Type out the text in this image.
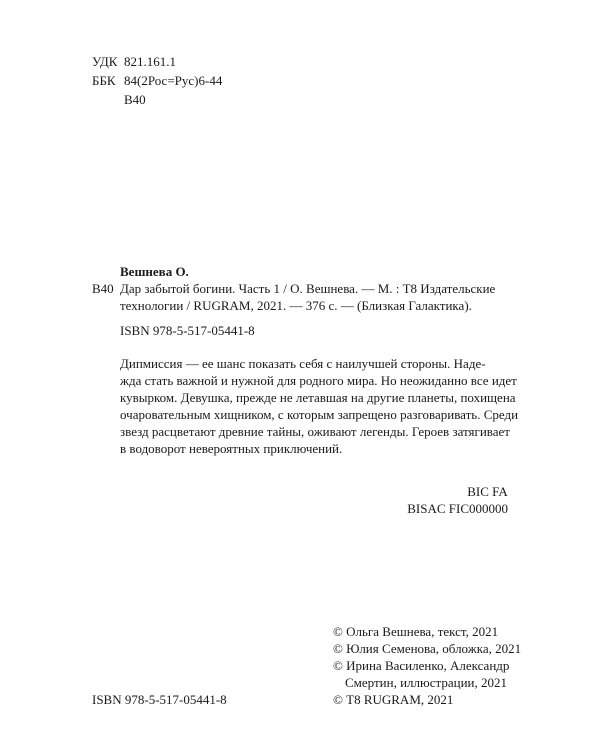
УДК 821.161.1
ББК 84(2Рос=Рус)6-44
В40
Вешнева О.
В40 Дар забытой богини. Часть 1 / О. Вешнева. — М. : Т8 Издательские
технологии / RUGRAM, 2021. — 376 с. — (Близкая Галактика).
ISBN 978-5-517-05441-8

Дипмиссия — ее шанс показать себя с наилучшей стороны. Наде-

жда стать важной и нужной для родного мира. Но неожиданно все идет

кувырком. Девушка, прежде не летавшая на другие планеты, похищена

очаровательным хищником, с которым запрещено разговаривать. Среди

звезд расцветают древние тайны, оживают легенды. Героев затягивает

в водоворот невероятных приключений.

BIC FA
BISAC FIC000000
© Ольга Вешнева, текст, 2021
© Юлия Семенова, обложка, 2021
© Ирина Василенко, Александр
Смертин, иллюстрации, 2021
© Т8 RUGRAM, 2021
ISBN 978-5-517-05441-8
